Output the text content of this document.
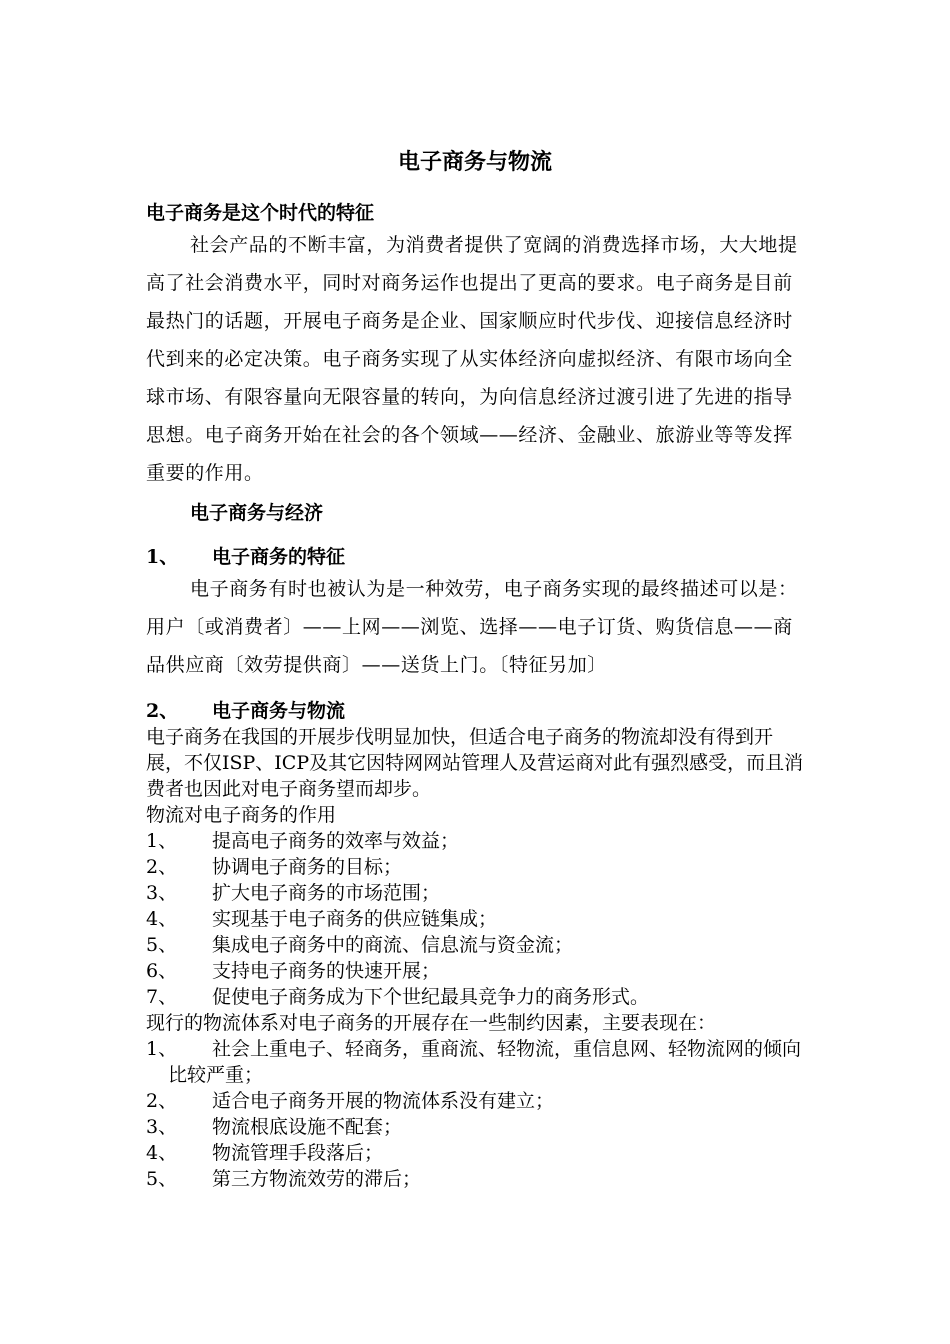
电子商务与物流

电子商务是这个时代的特征

社会产品的不断丰富，为消费者提供了宽阔的消费选择市场，大大地提高了社会消费水平，同时对商务运作也提出了更高的要求。电子商务是目前最热门的话题，开展电子商务是企业、国家顺应时代步伐、迎接信息经济时代到来的必定决策。电子商务实现了从实体经济向虚拟经济、有限市场向全球市场、有限容量向无限容量的转向，为向信息经济过渡引进了先进的指导思想。电子商务开始在社会的各个领域——经济、金融业、旅游业等等发挥重要的作用。

电子商务与经济

1、	电子商务的特征

电子商务有时也被认为是一种效劳，电子商务实现的最终描述可以是：用户〔或消费者〕——上网——浏览、选择——电子订货、购货信息——商品供应商〔效劳提供商〕——送货上门。〔特征另加〕

2、	电子商务与物流

电子商务在我国的开展步伐明显加快，但适合电子商务的物流却没有得到开展，不仅ISP、ICP及其它因特网网站管理人及营运商对此有强烈感受，而且消费者也因此对电子商务望而却步。

物流对电子商务的作用

1、	提高电子商务的效率与效益；
2、	协调电子商务的目标；
3、	扩大电子商务的市场范围；
4、	实现基于电子商务的供应链集成；
5、	集成电子商务中的商流、信息流与资金流；
6、	支持电子商务的快速开展；
7、	促使电子商务成为下个世纪最具竞争力的商务形式。

现行的物流体系对电子商务的开展存在一些制约因素，主要表现在：

1、 社会上重电子、轻商务，重商流、轻物流，重信息网、轻物流网的倾向比较严重；
2、	适合电子商务开展的物流体系没有建立；
3、	物流根底设施不配套；
4、	物流管理手段落后；
5、	第三方物流效劳的滞后；
